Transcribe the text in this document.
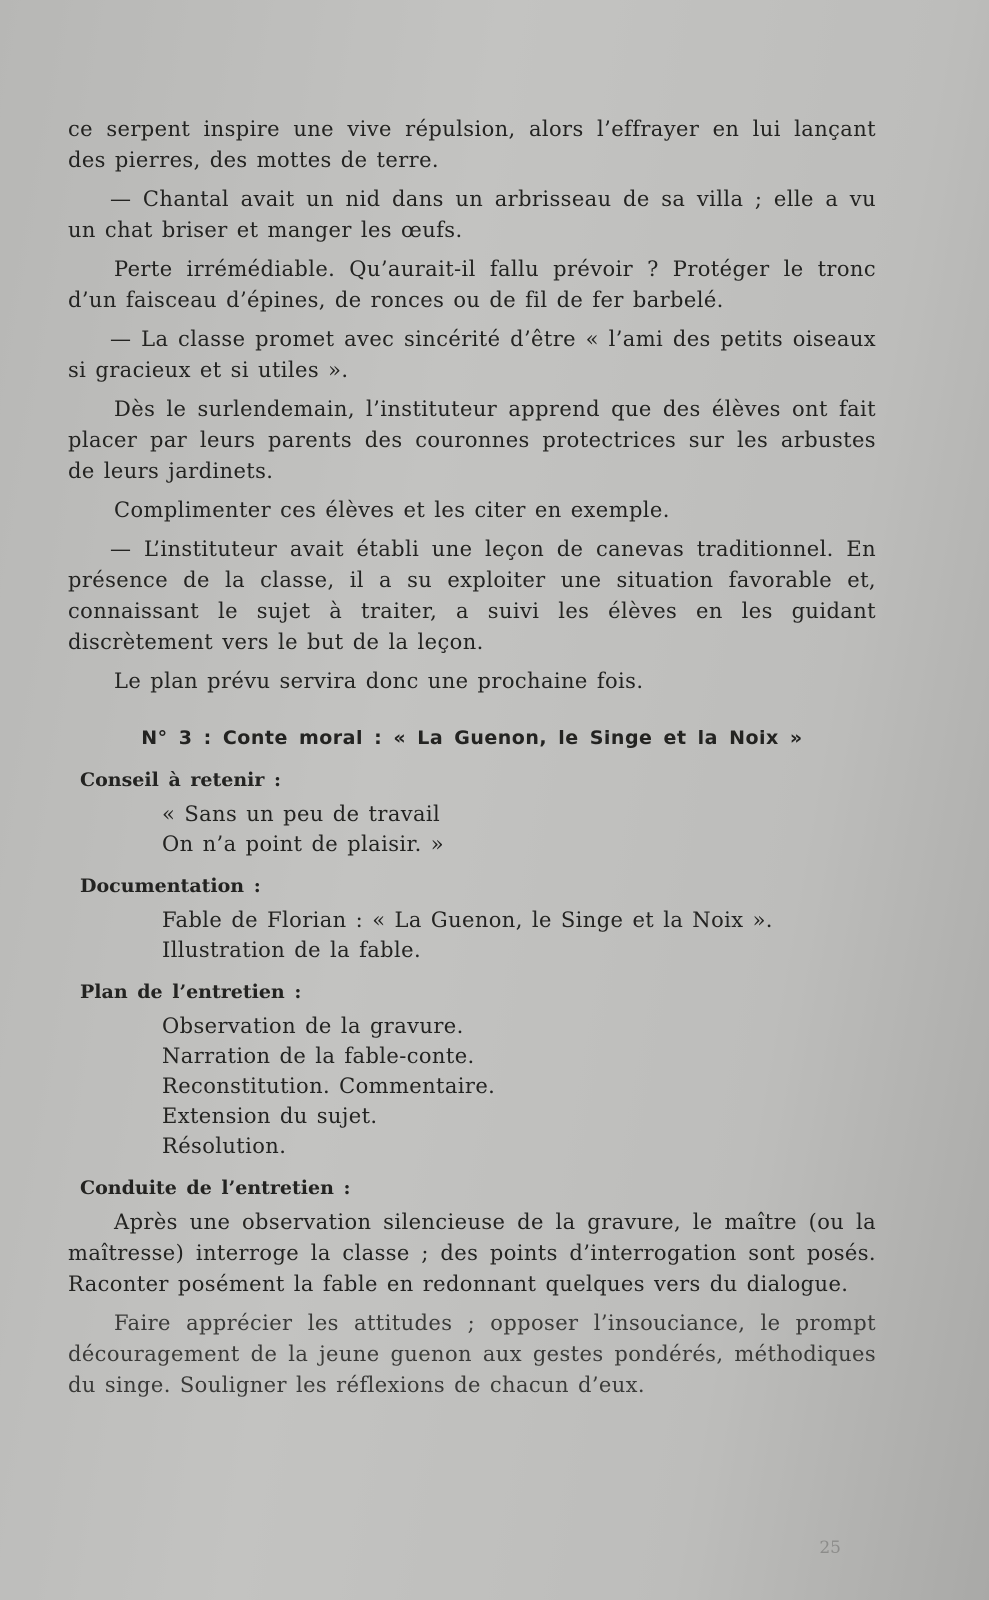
ce serpent inspire une vive répulsion, alors l’effrayer en lui lançant des pierres, des mottes de terre.

— Chantal avait un nid dans un arbrisseau de sa villa ; elle a vu un chat briser et manger les œufs.

Perte irrémédiable. Qu’aurait-il fallu prévoir ? Protéger le tronc d’un faisceau d’épines, de ronces ou de fil de fer barbelé.

— La classe promet avec sincérité d’être « l’ami des petits oiseaux si gracieux et si utiles ».

Dès le surlendemain, l’instituteur apprend que des élèves ont fait placer par leurs parents des couronnes protectrices sur les arbustes de leurs jardinets.

Complimenter ces élèves et les citer en exemple.

— L’instituteur avait établi une leçon de canevas traditionnel. En présence de la classe, il a su exploiter une situation favorable et, connaissant le sujet à traiter, a suivi les élèves en les guidant discrètement vers le but de la leçon.

Le plan prévu servira donc une prochaine fois.

N° 3 : Conte moral : « La Guenon, le Singe et la Noix »
Conseil à retenir :
« Sans un peu de travail
On n’a point de plaisir. »
Documentation :
Fable de Florian : « La Guenon, le Singe et la Noix ».
Illustration de la fable.
Plan de l’entretien :
Observation de la gravure.
Narration de la fable-conte.
Reconstitution. Commentaire.
Extension du sujet.
Résolution.
Conduite de l’entretien :

Après une observation silencieuse de la gravure, le maître (ou la maîtresse) interroge la classe ; des points d’interrogation sont posés. Raconter posément la fable en redonnant quelques vers du dialogue.

Faire apprécier les attitudes ; opposer l’insouciance, le prompt découragement de la jeune guenon aux gestes pondérés, méthodiques du singe. Souligner les réflexions de chacun d’eux.

25
